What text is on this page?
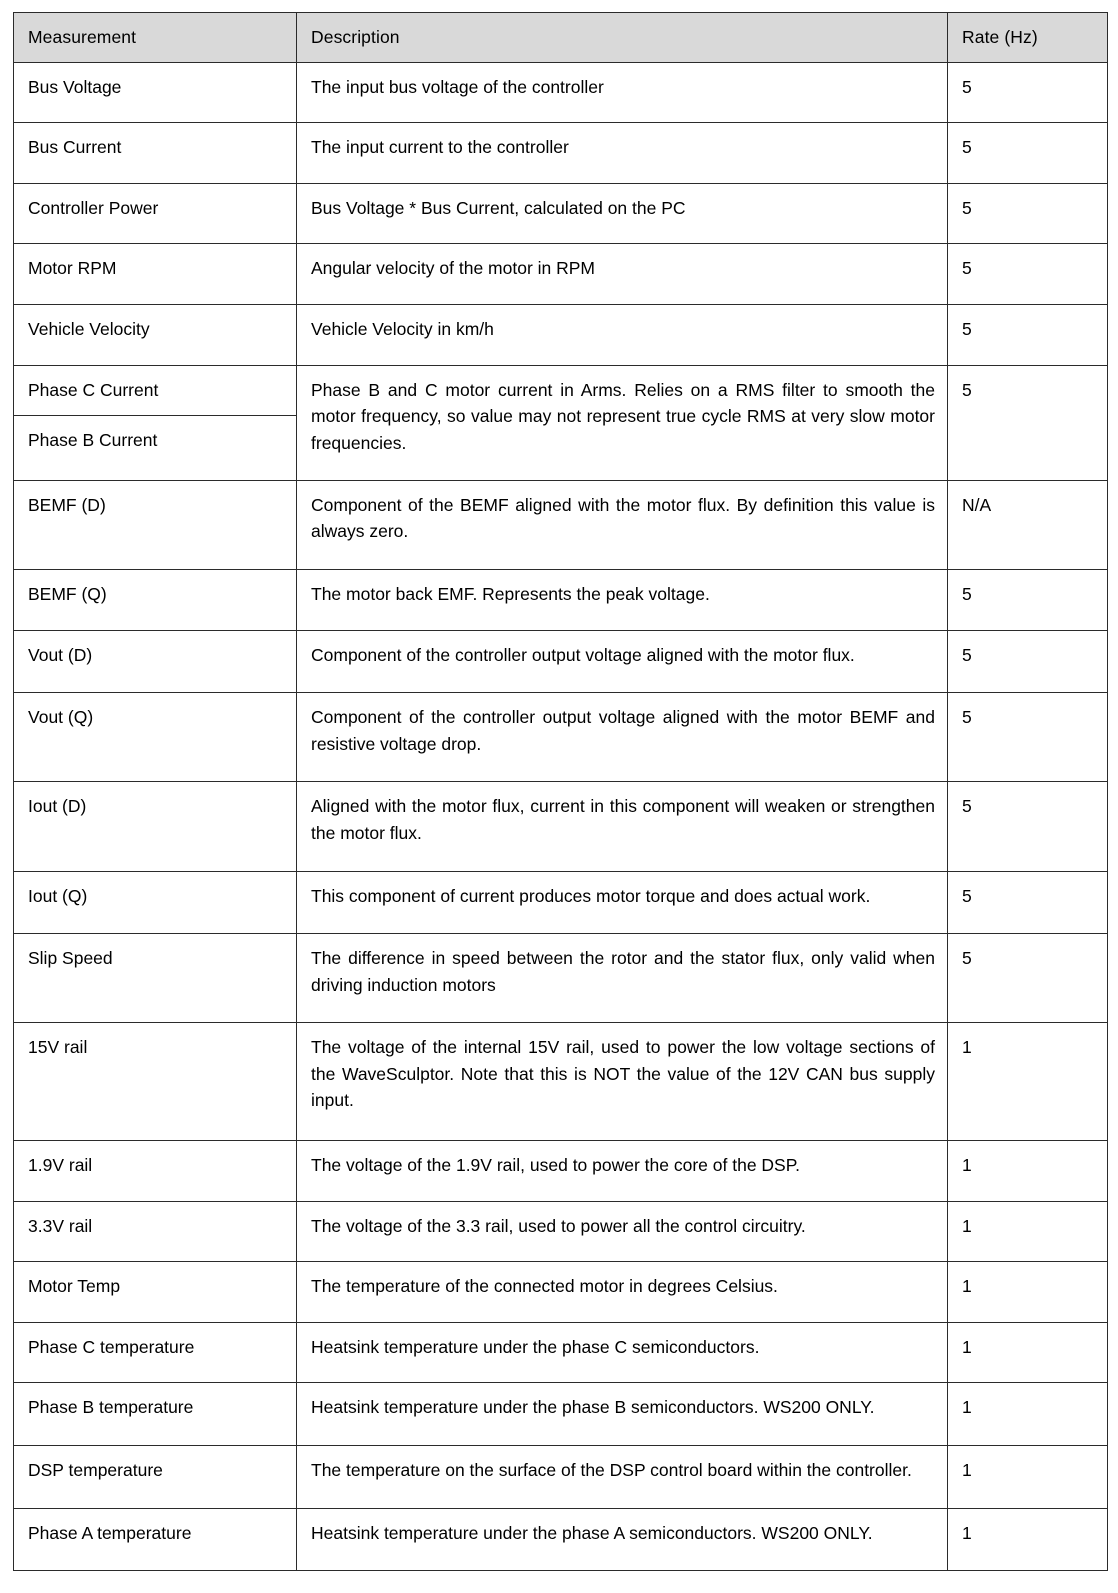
Measurement	Description	Rate (Hz)
Bus Voltage	The input bus voltage of the controller	5
Bus Current	The input current to the controller	5
Controller Power	Bus Voltage * Bus Current, calculated on the PC	5
Motor RPM	Angular velocity of the motor in RPM	5
Vehicle Velocity	Vehicle Velocity in km/h	5
Phase C Current	Phase B and C motor current in Arms. Relies on a RMS filter to smooth the motor frequency, so value may not represent true cycle RMS at very slow motor frequencies.	5
Phase B Current		
BEMF (D)	Component of the BEMF aligned with the motor flux. By definition this value is always zero.	N/A
BEMF (Q)	The motor back EMF. Represents the peak voltage.	5
Vout (D)	Component of the controller output voltage aligned with the motor flux.	5
Vout (Q)	Component of the controller output voltage aligned with the motor BEMF and resistive voltage drop.	5
Iout (D)	Aligned with the motor flux, current in this component will weaken or strengthen the motor flux.	5
Iout (Q)	This component of current produces motor torque and does actual work.	5
Slip Speed	The difference in speed between the rotor and the stator flux, only valid when driving induction motors	5
15V rail	The voltage of the internal 15V rail, used to power the low voltage sections of the WaveSculptor. Note that this is NOT the value of the 12V CAN bus supply input.	1
1.9V rail	The voltage of the 1.9V rail, used to power the core of the DSP.	1
3.3V rail	The voltage of the 3.3 rail, used to power all the control circuitry.	1
Motor Temp	The temperature of the connected motor in degrees Celsius.	1
Phase C temperature	Heatsink temperature under the phase C semiconductors.	1
Phase B temperature	Heatsink temperature under the phase B semiconductors. WS200 ONLY.	1
DSP temperature	The temperature on the surface of the DSP control board within the controller.	1
Phase A temperature	Heatsink temperature under the phase A semiconductors. WS200 ONLY.	1
